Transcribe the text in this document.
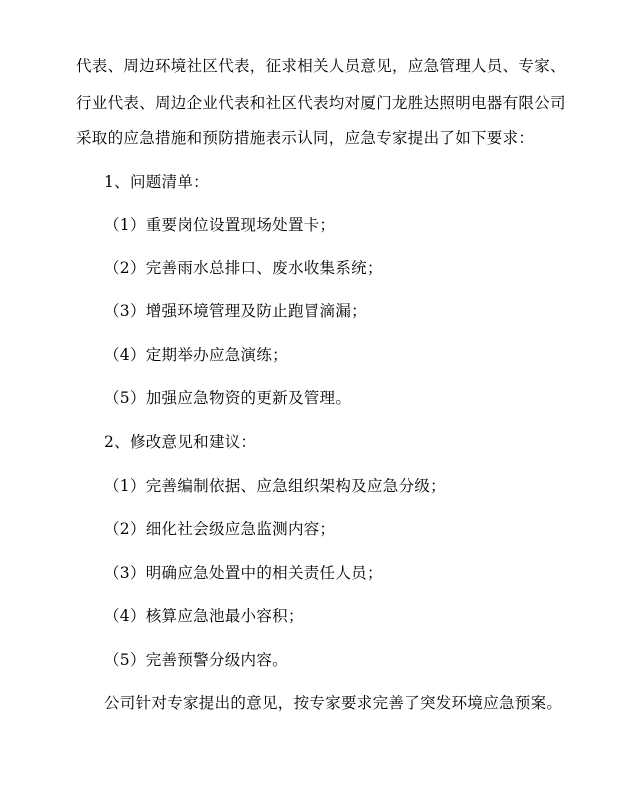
代表、周边环境社区代表，征求相关人员意见，应急管理人员、专家、
行业代表、周边企业代表和社区代表均对厦门龙胜达照明电器有限公司
采取的应急措施和预防措施表示认同，应急专家提出了如下要求：
1、问题清单：
（1）重要岗位设置现场处置卡；
（2）完善雨水总排口、废水收集系统；
（3）增强环境管理及防止跑冒滴漏；
（4）定期举办应急演练；
（5）加强应急物资的更新及管理。
2、修改意见和建议：
（1）完善编制依据、应急组织架构及应急分级；
（2）细化社会级应急监测内容；
（3）明确应急处置中的相关责任人员；
（4）核算应急池最小容积；
（5）完善预警分级内容。
公司针对专家提出的意见，按专家要求完善了突发环境应急预案。
